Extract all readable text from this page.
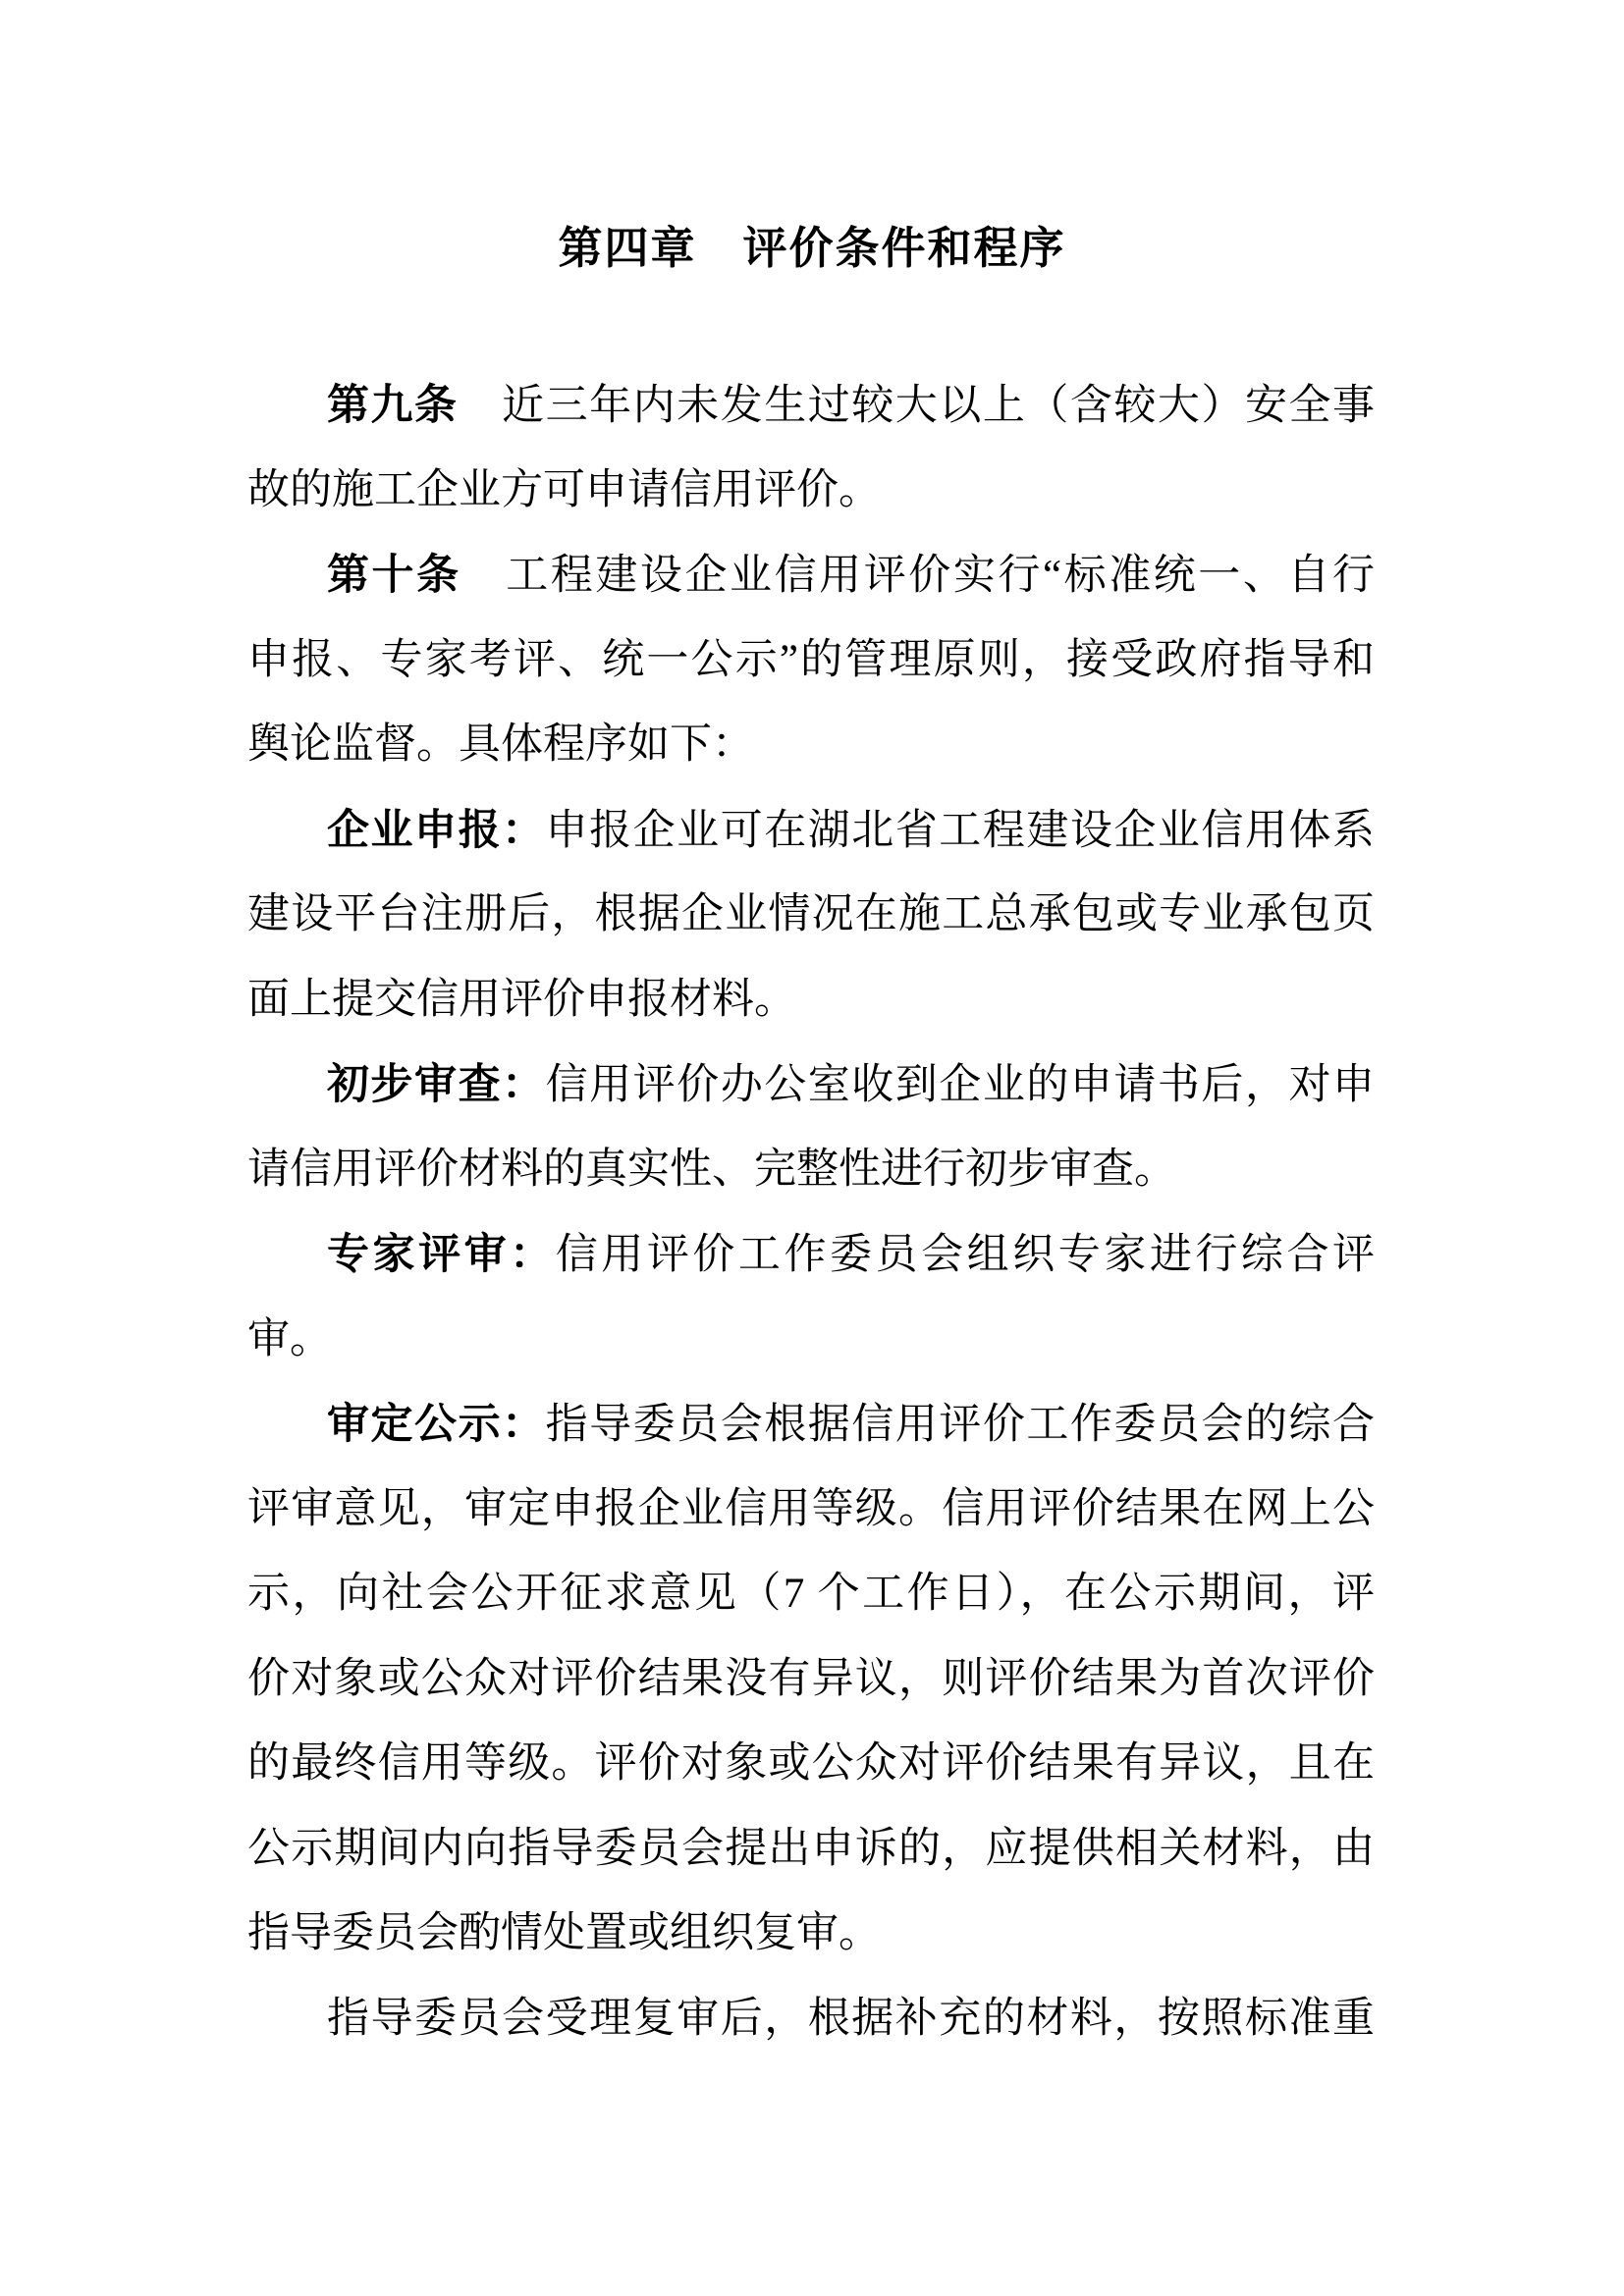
第四章　评价条件和程序
第九条　近三年内未发生过较大以上（含较大）安全事
故的施工企业方可申请信用评价。
第十条　工程建设企业信用评价实行“标准统一、自行
申报、专家考评、统一公示”的管理原则，接受政府指导和
舆论监督。具体程序如下：
企业申报：申报企业可在湖北省工程建设企业信用体系
建设平台注册后，根据企业情况在施工总承包或专业承包页
面上提交信用评价申报材料。
初步审查：信用评价办公室收到企业的申请书后，对申
请信用评价材料的真实性、完整性进行初步审查。
专家评审：信用评价工作委员会组织专家进行综合评
审。
审定公示：指导委员会根据信用评价工作委员会的综合
评审意见，审定申报企业信用等级。信用评价结果在网上公
示，向社会公开征求意见（7 个工作日），在公示期间，评
价对象或公众对评价结果没有异议，则评价结果为首次评价
的最终信用等级。评价对象或公众对评价结果有异议，且在
公示期间内向指导委员会提出申诉的，应提供相关材料，由
指导委员会酌情处置或组织复审。
指导委员会受理复审后，根据补充的材料，按照标准重
